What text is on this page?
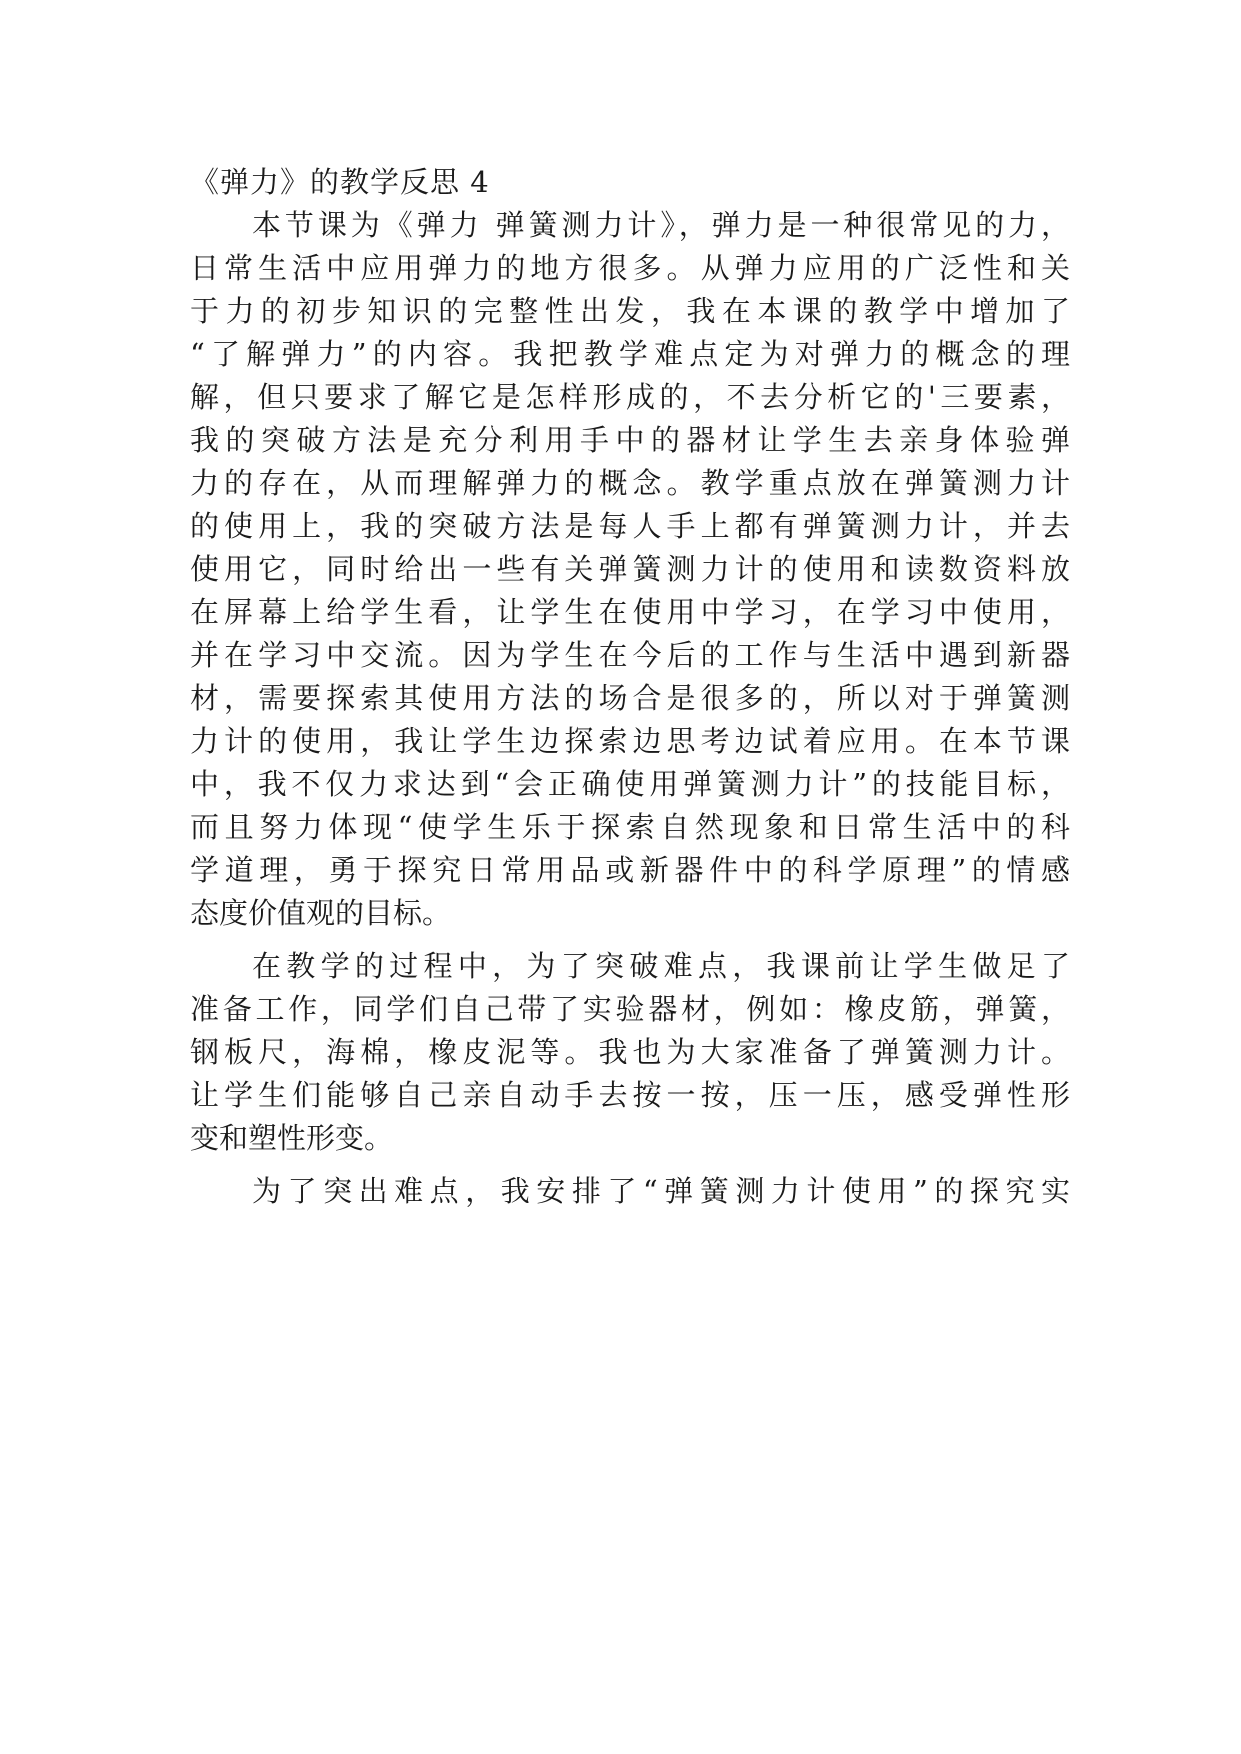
《弹力》的教学反思 4
本节课为《弹力 弹簧测力计》，弹力是一种很常见的力，
日常生活中应用弹力的地方很多。从弹力应用的广泛性和关
于力的初步知识的完整性出发，我在本课的教学中增加了
“了解弹力”的内容。我把教学难点定为对弹力的概念的理
解，但只要求了解它是怎样形成的，不去分析它的'三要素，
我的突破方法是充分利用手中的器材让学生去亲身体验弹
力的存在，从而理解弹力的概念。教学重点放在弹簧测力计
的使用上，我的突破方法是每人手上都有弹簧测力计，并去
使用它，同时给出一些有关弹簧测力计的使用和读数资料放
在屏幕上给学生看，让学生在使用中学习，在学习中使用，
并在学习中交流。因为学生在今后的工作与生活中遇到新器
材，需要探索其使用方法的场合是很多的，所以对于弹簧测
力计的使用，我让学生边探索边思考边试着应用。在本节课
中，我不仅力求达到“会正确使用弹簧测力计”的技能目标，
而且努力体现“使学生乐于探索自然现象和日常生活中的科
学道理，勇于探究日常用品或新器件中的科学原理”的情感
态度价值观的目标。
在教学的过程中，为了突破难点，我课前让学生做足了
准备工作，同学们自己带了实验器材，例如：橡皮筋，弹簧，
钢板尺，海棉，橡皮泥等。我也为大家准备了弹簧测力计。
让学生们能够自己亲自动手去按一按，压一压，感受弹性形
变和塑性形变。
为了突出难点，我安排了“弹簧测力计使用”的探究实
